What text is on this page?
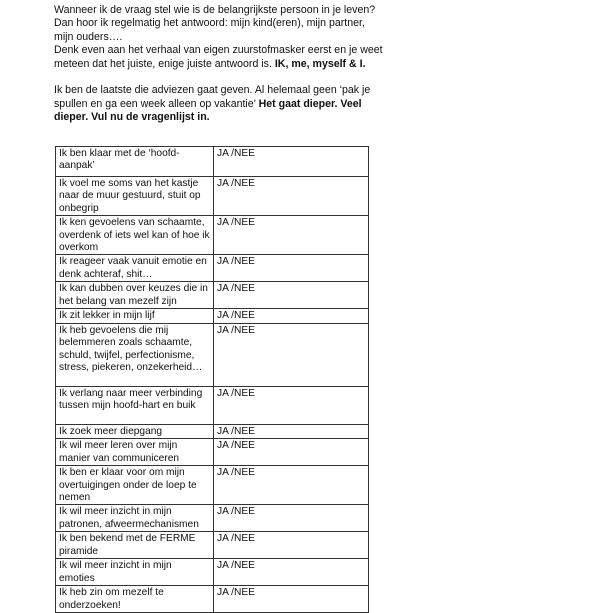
Wanneer ik de vraag stel wie is de belangrijkste persoon in je leven?

Dan hoor ik regelmatig het antwoord: mijn kind(eren), mijn partner,

mijn ouders….

Denk even aan het verhaal van eigen zuurstofmasker eerst en je weet

meteen dat het juiste, enige juiste antwoord is. IK, me, myself & I.

Ik ben de laatste die adviezen gaat geven. Al helemaal geen ‘pak je

spullen en ga een week alleen op vakantie’ Het gaat dieper. Veel

dieper. Vul nu de vragenlijst in.

Ik ben klaar met de ‘hoofd-aanpak’	JA /NEE
Ik voel me soms van het kastje naar de muur gestuurd, stuit op onbegrip	JA /NEE
Ik ken gevoelens van schaamte, overdenk of iets wel kan of hoe ik overkom	JA /NEE
Ik reageer vaak vanuit emotie en denk achteraf, shit…	JA /NEE
Ik kan dubben over keuzes die in het belang van mezelf zijn	JA /NEE
Ik zit lekker in mijn lijf	JA /NEE
Ik heb gevoelens die mij belemmeren zoals schaamte, schuld, twijfel, perfectionisme, stress, piekeren, onzekerheid…	JA /NEE
Ik verlang naar meer verbinding tussen mijn hoofd-hart en buik	JA /NEE
Ik zoek meer diepgang	JA /NEE
Ik wil meer leren over mijn manier van communiceren	JA /NEE
Ik ben er klaar voor om mijn overtuigingen onder de loep te nemen	JA /NEE
Ik wil meer inzicht in mijn patronen, afweermechanismen	JA /NEE
Ik ben bekend met de FERME piramide	JA /NEE
Ik wil meer inzicht in mijn emoties	JA /NEE
Ik heb zin om mezelf te onderzoeken!	JA /NEE
